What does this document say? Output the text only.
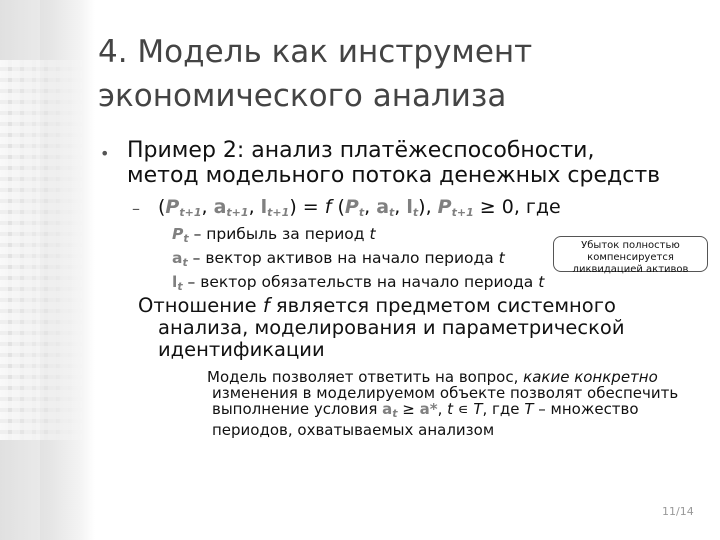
4. Модель как инструмент
экономического анализа
• Пример 2: анализ платёжеспособности,
метод модельного потока денежных средств
– ($P_{t+1}$, $a_{t+1}$, $l_{t+1}) = f$ ($P_t$, $a_t$, $l_t$), $P_{t+1} \ge 0$, где
$P_t$ – прибыль за период t
$a_t$ – вектор активов на начало периода t
$l_t$ – вектор обязательств на начало периода t
Убыток полностью
компенсируется
ликвидацией активов
Отношение f является предметом системного
анализа, моделирования и параметрической
идентификации
Модель позволяет ответить на вопрос, какие конкретно
изменения в моделируемом объекте позволят обеспечить
выполнение условия $a_t \ge a*$, t ∊ T, где T – множество
периодов, охватываемых анализом
11/14
